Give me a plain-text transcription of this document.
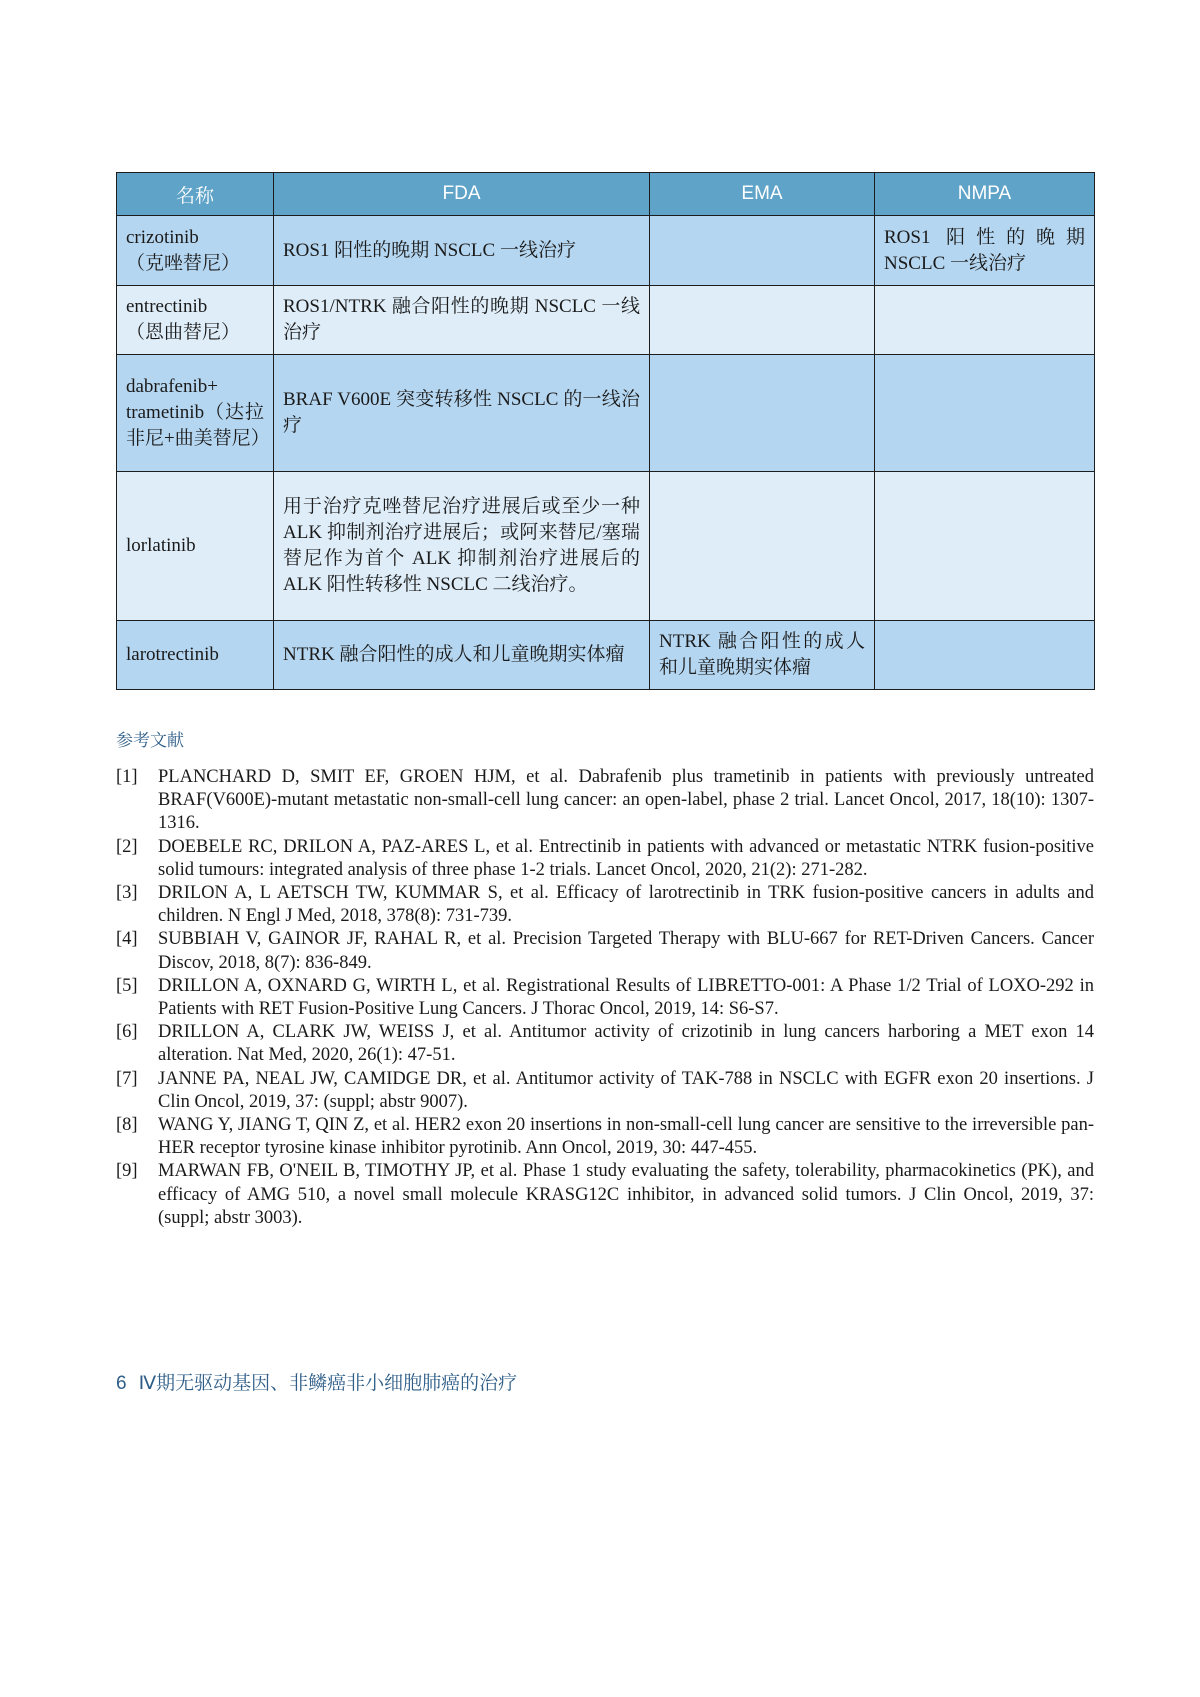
名称	FDA	EMA	NMPA
crizotinib
（克唑替尼）	ROS1 阳性的晚期 NSCLC 一线治疗		ROS1 阳性的晚期 NSCLC 一线治疗
entrectinib
（恩曲替尼）	ROS1/NTRK 融合阳性的晚期 NSCLC 一线治疗		
dabrafenib+ trametinib（达拉非尼+曲美替尼）	BRAF V600E 突变转移性 NSCLC 的一线治疗		
lorlatinib	用于治疗克唑替尼治疗进展后或至少一种 ALK 抑制剂治疗进展后；或阿来替尼/塞瑞替尼作为首个 ALK 抑制剂治疗进展后的 ALK 阳性转移性 NSCLC 二线治疗。		
larotrectinib	NTRK 融合阳性的成人和儿童晚期实体瘤	NTRK 融合阳性的成人和儿童晚期实体瘤	
参考文献
[1]	PLANCHARD D, SMIT EF, GROEN HJM, et al. Dabrafenib plus trametinib in patients with previously untreated BRAF(V600E)-mutant metastatic non-small-cell lung cancer: an open-label, phase 2 trial. Lancet Oncol, 2017, 18(10): 1307-1316.
[2]	DOEBELE RC, DRILON A, PAZ-ARES L, et al. Entrectinib in patients with advanced or metastatic NTRK fusion-positive solid tumours: integrated analysis of three phase 1-2 trials. Lancet Oncol, 2020, 21(2): 271-282.
[3]	DRILON A, L AETSCH TW, KUMMAR S, et al. Efficacy of larotrectinib in TRK fusion-positive cancers in adults and children. N Engl J Med, 2018, 378(8): 731-739.
[4]	SUBBIAH V, GAINOR JF, RAHAL R, et al. Precision Targeted Therapy with BLU-667 for RET-Driven Cancers. Cancer Discov, 2018, 8(7): 836-849.
[5]	DRILLON A, OXNARD G, WIRTH L, et al. Registrational Results of LIBRETTO-001: A Phase 1/2 Trial of LOXO-292 in Patients with RET Fusion-Positive Lung Cancers. J Thorac Oncol, 2019, 14: S6-S7.
[6]	DRILLON A, CLARK JW, WEISS J, et al. Antitumor activity of crizotinib in lung cancers harboring a MET exon 14 alteration. Nat Med, 2020, 26(1): 47-51.
[7]	JANNE PA, NEAL JW, CAMIDGE DR, et al. Antitumor activity of TAK-788 in NSCLC with EGFR exon 20 insertions. J Clin Oncol, 2019, 37: (suppl; abstr 9007).
[8]	WANG Y, JIANG T, QIN Z, et al. HER2 exon 20 insertions in non-small-cell lung cancer are sensitive to the irreversible pan-HER receptor tyrosine kinase inhibitor pyrotinib. Ann Oncol, 2019, 30: 447-455.
[9]	MARWAN FB, O'NEIL B, TIMOTHY JP, et al. Phase 1 study evaluating the safety, tolerability, pharmacokinetics (PK), and efficacy of AMG 510, a novel small molecule KRASG12C inhibitor, in advanced solid tumors. J Clin Oncol, 2019, 37: (suppl; abstr 3003).
6 Ⅳ期无驱动基因、非鳞癌非小细胞肺癌的治疗
